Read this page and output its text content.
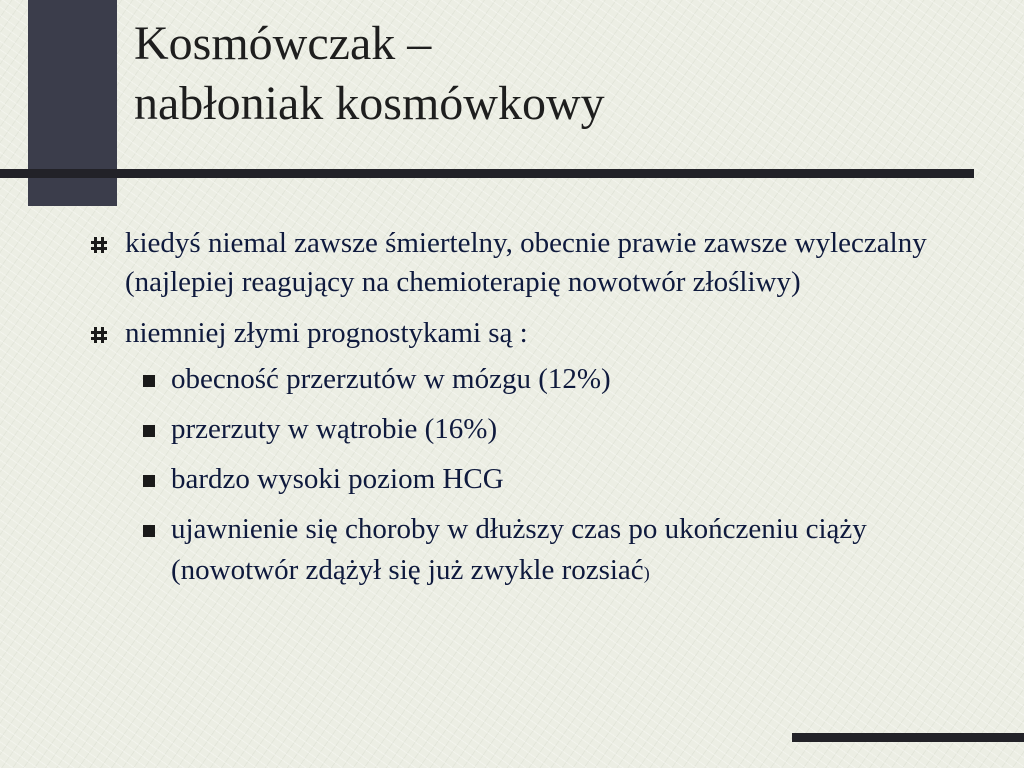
Kosmówczak –
nabłoniak kosmówkowy
kiedyś niemal zawsze śmiertelny, obecnie prawie zawsze wyleczalny (najlepiej reagujący na chemioterapię nowotwór złośliwy)
niemniej złymi prognostykami są :
obecność przerzutów w mózgu (12%)
przerzuty w wątrobie (16%)
bardzo wysoki poziom HCG
ujawnienie się choroby w dłuższy czas po ukończeniu ciąży (nowotwór zdążył się już zwykle rozsiać)
